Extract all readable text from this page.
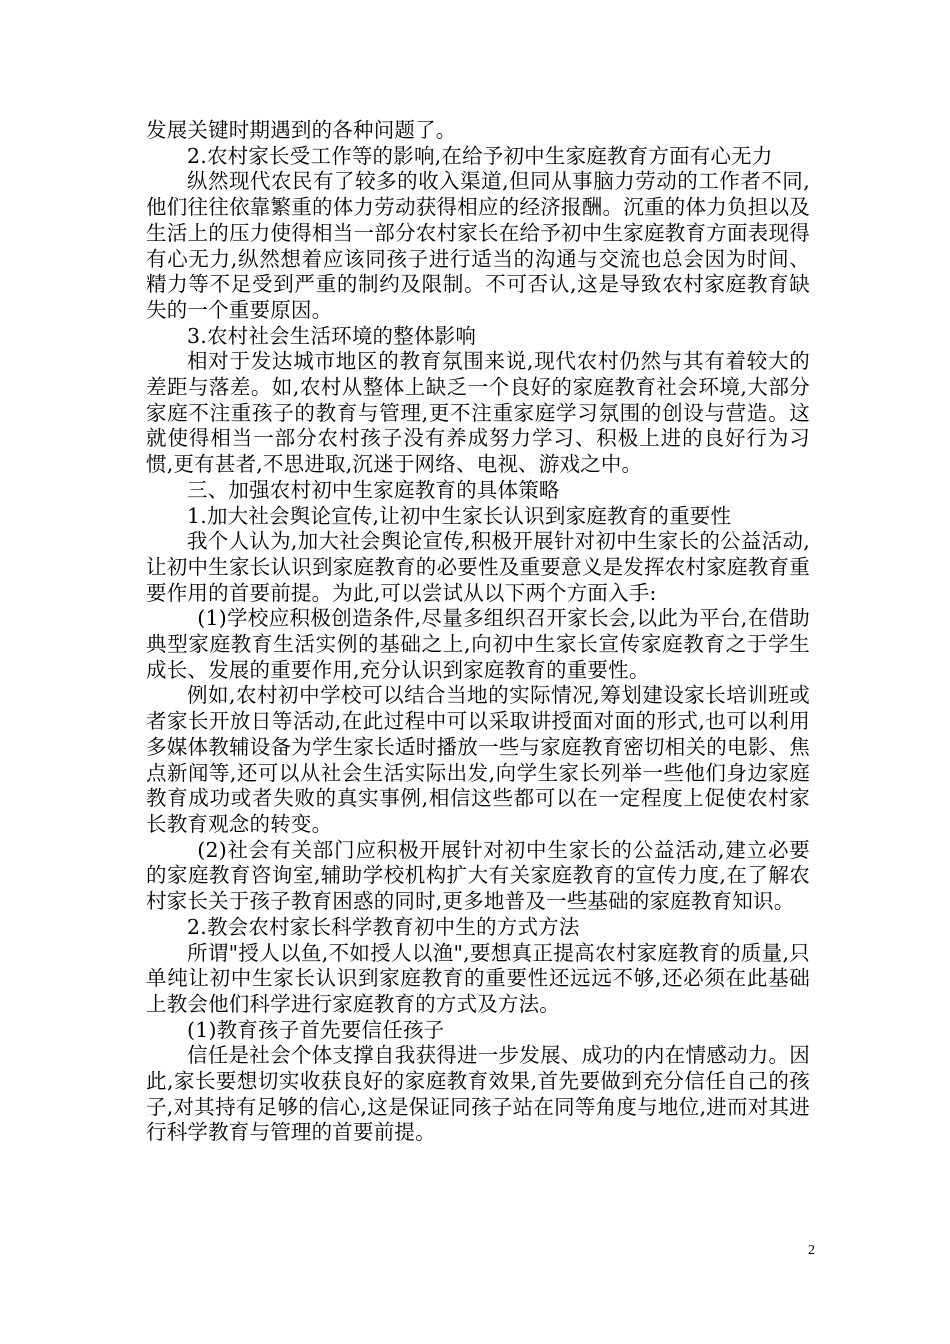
发展关键时期遇到的各种问题了。

2.农村家长受工作等的影响,在给予初中生家庭教育方面有心无力

纵然现代农民有了较多的收入渠道,但同从事脑力劳动的工作者不同,他们往往依靠繁重的体力劳动获得相应的经济报酬。沉重的体力负担以及生活上的压力使得相当一部分农村家长在给予初中生家庭教育方面表现得有心无力,纵然想着应该同孩子进行适当的沟通与交流也总会因为时间、精力等不足受到严重的制约及限制。不可否认,这是导致农村家庭教育缺失的一个重要原因。

3.农村社会生活环境的整体影响

相对于发达城市地区的教育氛围来说,现代农村仍然与其有着较大的差距与落差。如,农村从整体上缺乏一个良好的家庭教育社会环境,大部分家庭不注重孩子的教育与管理,更不注重家庭学习氛围的创设与营造。这就使得相当一部分农村孩子没有养成努力学习、积极上进的良好行为习惯,更有甚者,不思进取,沉迷于网络、电视、游戏之中。

三、加强农村初中生家庭教育的具体策略

1.加大社会舆论宣传,让初中生家长认识到家庭教育的重要性

我个人认为,加大社会舆论宣传,积极开展针对初中生家长的公益活动,让初中生家长认识到家庭教育的必要性及重要意义是发挥农村家庭教育重要作用的首要前提。为此,可以尝试从以下两个方面入手:

(1)学校应积极创造条件,尽量多组织召开家长会,以此为平台,在借助典型家庭教育生活实例的基础之上,向初中生家长宣传家庭教育之于学生成长、发展的重要作用,充分认识到家庭教育的重要性。

例如,农村初中学校可以结合当地的实际情况,筹划建设家长培训班或者家长开放日等活动,在此过程中可以采取讲授面对面的形式,也可以利用多媒体教辅设备为学生家长适时播放一些与家庭教育密切相关的电影、焦点新闻等,还可以从社会生活实际出发,向学生家长列举一些他们身边家庭教育成功或者失败的真实事例,相信这些都可以在一定程度上促使农村家长教育观念的转变。

(2)社会有关部门应积极开展针对初中生家长的公益活动,建立必要的家庭教育咨询室,辅助学校机构扩大有关家庭教育的宣传力度,在了解农村家长关于孩子教育困惑的同时,更多地普及一些基础的家庭教育知识。

2.教会农村家长科学教育初中生的方式方法

所谓"授人以鱼,不如授人以渔",要想真正提高农村家庭教育的质量,只单纯让初中生家长认识到家庭教育的重要性还远远不够,还必须在此基础上教会他们科学进行家庭教育的方式及方法。

(1)教育孩子首先要信任孩子

信任是社会个体支撑自我获得进一步发展、成功的内在情感动力。因此,家长要想切实收获良好的家庭教育效果,首先要做到充分信任自己的孩子,对其持有足够的信心,这是保证同孩子站在同等角度与地位,进而对其进行科学教育与管理的首要前提。

2
